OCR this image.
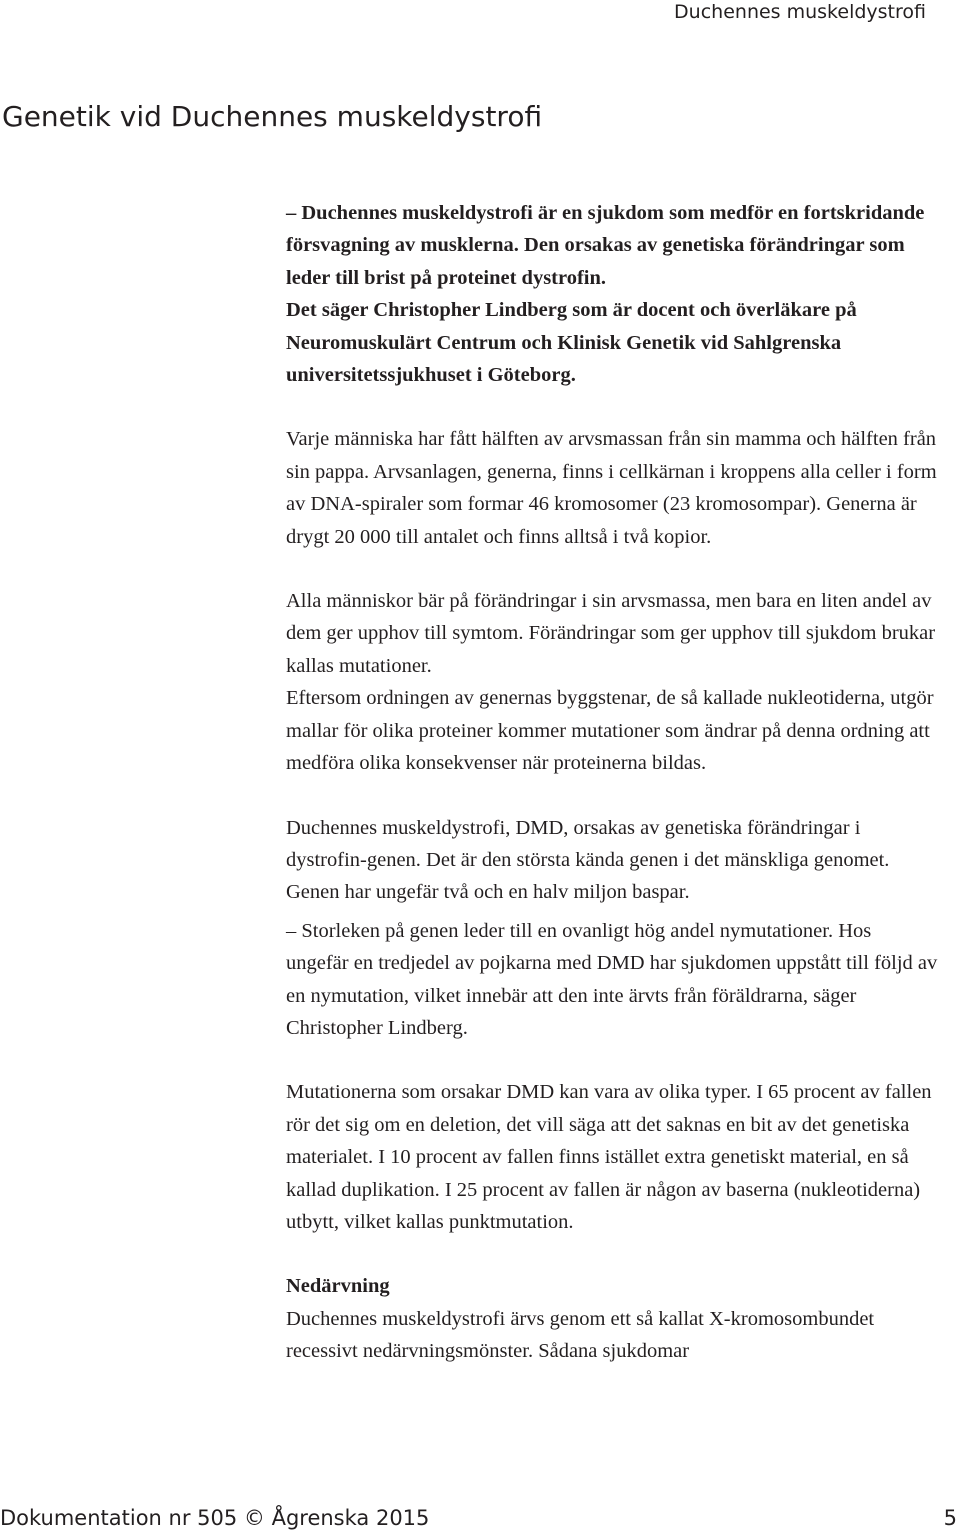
Duchennes muskeldystrofi
Genetik vid Duchennes muskeldystrofi

– Duchennes muskeldystrofi är en sjukdom som medför en fortskridande försvagning av musklerna. Den orsakas av genetiska förändringar som leder till brist på proteinet dystrofin.

Det säger Christopher Lindberg som är docent och överläkare på Neuromuskulärt Centrum och Klinisk Genetik vid Sahlgrenska universitetssjukhuset i Göteborg.

Varje människa har fått hälften av arvsmassan från sin mamma och hälften från sin pappa. Arvsanlagen, generna, finns i cellkärnan i kroppens alla celler i form av DNA-spiraler som formar 46 kromosomer (23 kromosompar). Generna är drygt 20 000 till antalet och finns alltså i två kopior.

Alla människor bär på förändringar i sin arvsmassa, men bara en liten andel av dem ger upphov till symtom. Förändringar som ger upphov till sjukdom brukar kallas mutationer.

Eftersom ordningen av genernas byggstenar, de så kallade nukleotiderna, utgör mallar för olika proteiner kommer mutationer som ändrar på denna ordning att medföra olika konsekvenser när proteinerna bildas.

Duchennes muskeldystrofi, DMD, orsakas av genetiska förändringar i dystrofin-genen. Det är den största kända genen i det mänskliga genomet. Genen har ungefär två och en halv miljon baspar.

– Storleken på genen leder till en ovanligt hög andel nymutationer. Hos ungefär en tredjedel av pojkarna med DMD har sjukdomen uppstått till följd av en nymutation, vilket innebär att den inte ärvts från föräldrarna, säger Christopher Lindberg.

Mutationerna som orsakar DMD kan vara av olika typer. I 65 procent av fallen rör det sig om en deletion, det vill säga att det saknas en bit av det genetiska materialet. I 10 procent av fallen finns istället extra genetiskt material, en så kallad duplikation. I 25 procent av fallen är någon av baserna (nukleotiderna) utbytt, vilket kallas punktmutation.

Nedärvning

Duchennes muskeldystrofi ärvs genom ett så kallat X-kromosombundet recessivt nedärvningsmönster. Sådana sjukdomar

Dokumentation nr 505 © Ågrenska 2015	5
